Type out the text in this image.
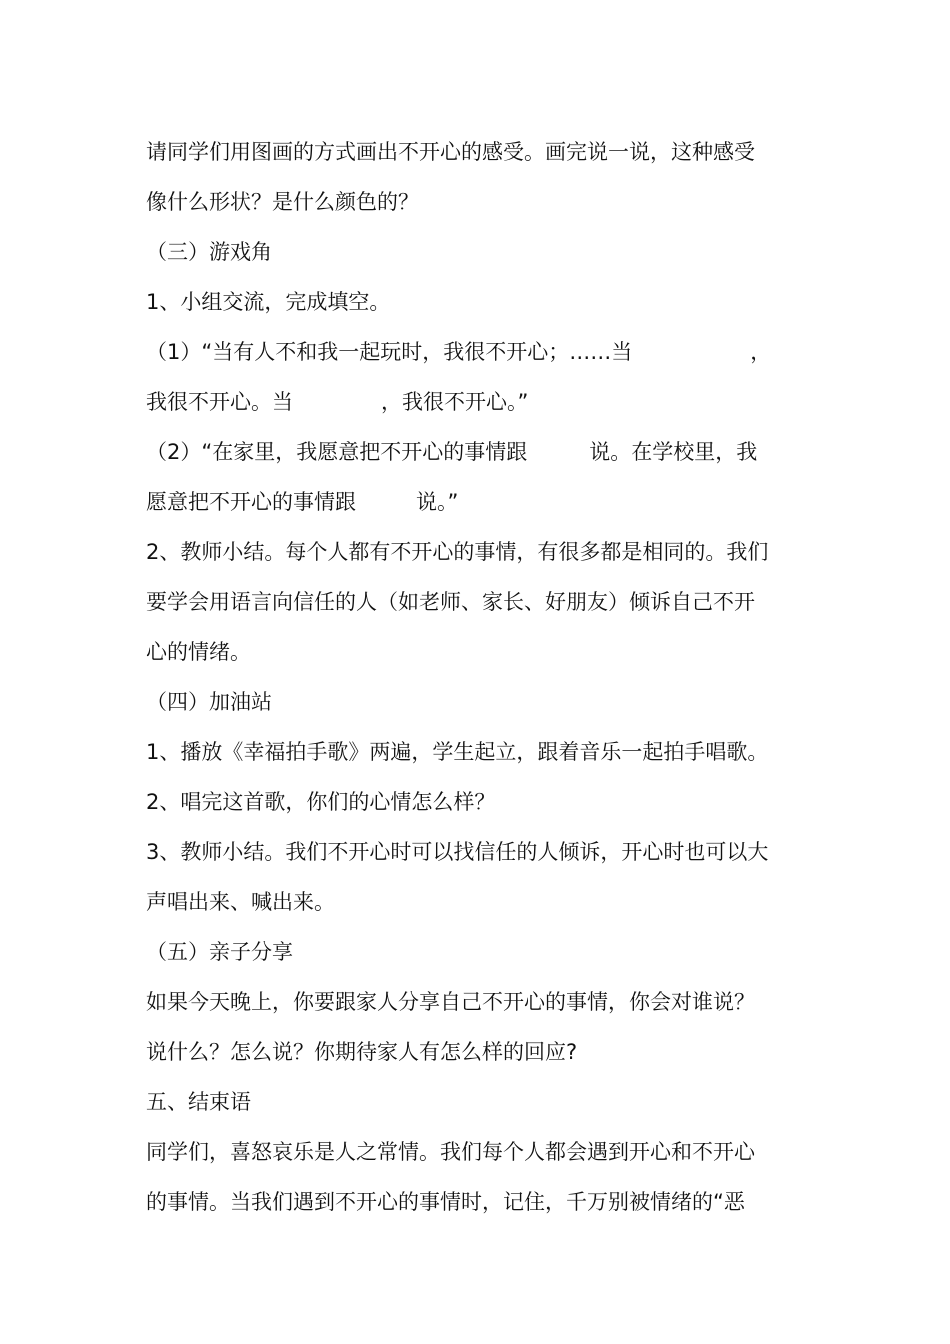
请同学们用图画的方式画出不开心的感受。画完说一说，这种感受
像什么形状？是什么颜色的？
（三）游戏角
1、小组交流，完成填空。
（1）“当有人不和我一起玩时，我很不开心；……当	，
我很不开心。当	，我很不开心。”
（2）“在家里，我愿意把不开心的事情跟	说。在学校里，我
愿意把不开心的事情跟	说。”
2、教师小结。每个人都有不开心的事情，有很多都是相同的。我们
要学会用语言向信任的人（如老师、家长、好朋友）倾诉自己不开
心的情绪。
（四）加油站
1、播放《幸福拍手歌》两遍，学生起立，跟着音乐一起拍手唱歌。
2、唱完这首歌，你们的心情怎么样？
3、教师小结。我们不开心时可以找信任的人倾诉，开心时也可以大
声唱出来、喊出来。
（五）亲子分享
如果今天晚上，你要跟家人分享自己不开心的事情，你会对谁说？
说什么？怎么说？你期待家人有怎么样的回应?
五、结束语
同学们，喜怒哀乐是人之常情。我们每个人都会遇到开心和不开心
的事情。当我们遇到不开心的事情时，记住，千万别被情绪的“恶
